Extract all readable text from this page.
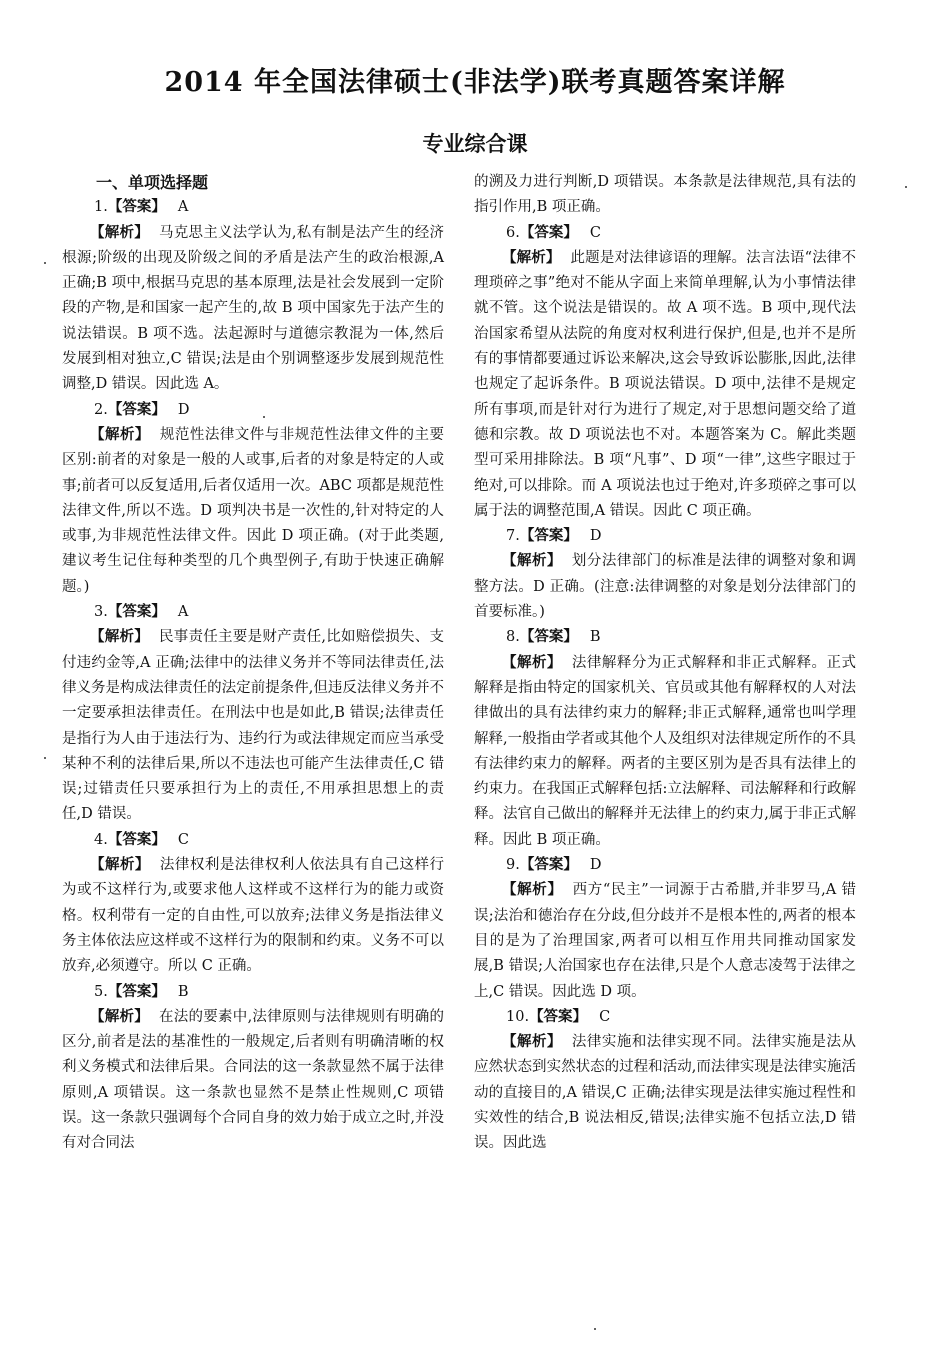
2014 年全国法律硕士(非法学)联考真题答案详解
专业综合课
一、单项选择题
1.【答案】 A
【解析】 马克思主义法学认为,私有制是法产生的经济根源;阶级的出现及阶级之间的矛盾是法产生的政治根源,A 正确;B 项中,根据马克思的基本原理,法是社会发展到一定阶段的产物,是和国家一起产生的,故 B 项中国家先于法产生的说法错误。B 项不选。法起源时与道德宗教混为一体,然后发展到相对独立,C 错误;法是由个别调整逐步发展到规范性调整,D 错误。因此选 A。
2.【答案】 D
【解析】 规范性法律文件与非规范性法律文件的主要区别:前者的对象是一般的人或事,后者的对象是特定的人或事;前者可以反复适用,后者仅适用一次。ABC 项都是规范性法律文件,所以不选。D 项判决书是一次性的,针对特定的人或事,为非规范性法律文件。因此 D 项正确。(对于此类题,建议考生记住每种类型的几个典型例子,有助于快速正确解题。)
3.【答案】 A
【解析】 民事责任主要是财产责任,比如赔偿损失、支付违约金等,A 正确;法律中的法律义务并不等同法律责任,法律义务是构成法律责任的法定前提条件,但违反法律义务并不一定要承担法律责任。在刑法中也是如此,B 错误;法律责任是指行为人由于违法行为、违约行为或法律规定而应当承受某种不利的法律后果,所以不违法也可能产生法律责任,C 错误;过错责任只要承担行为上的责任,不用承担思想上的责任,D 错误。
4.【答案】 C
【解析】 法律权利是法律权利人依法具有自己这样行为或不这样行为,或要求他人这样或不这样行为的能力或资格。权利带有一定的自由性,可以放弃;法律义务是指法律义务主体依法应这样或不这样行为的限制和约束。义务不可以放弃,必须遵守。所以 C 正确。
5.【答案】 B
【解析】 在法的要素中,法律原则与法律规则有明确的区分,前者是法的基准性的一般规定,后者则有明确清晰的权利义务模式和法律后果。合同法的这一条款显然不属于法律原则,A 项错误。这一条款也显然不是禁止性规则,C 项错误。这一条款只强调每个合同自身的效力始于成立之时,并没有对合同法
的溯及力进行判断,D 项错误。本条款是法律规范,具有法的指引作用,B 项正确。
6.【答案】 C
【解析】 此题是对法律谚语的理解。法言法语“法律不理琐碎之事”绝对不能从字面上来简单理解,认为小事情法律就不管。这个说法是错误的。故 A 项不选。B 项中,现代法治国家希望从法院的角度对权利进行保护,但是,也并不是所有的事情都要通过诉讼来解决,这会导致诉讼膨胀,因此,法律也规定了起诉条件。B 项说法错误。D 项中,法律不是规定所有事项,而是针对行为进行了规定,对于思想问题交给了道德和宗教。故 D 项说法也不对。本题答案为 C。解此类题型可采用排除法。B 项“凡事”、D 项“一律”,这些字眼过于绝对,可以排除。而 A 项说法也过于绝对,许多琐碎之事可以属于法的调整范围,A 错误。因此 C 项正确。
7.【答案】 D
【解析】 划分法律部门的标准是法律的调整对象和调整方法。D 正确。(注意:法律调整的对象是划分法律部门的首要标准。)
8.【答案】 B
【解析】 法律解释分为正式解释和非正式解释。正式解释是指由特定的国家机关、官员或其他有解释权的人对法律做出的具有法律约束力的解释;非正式解释,通常也叫学理解释,一般指由学者或其他个人及组织对法律规定所作的不具有法律约束力的解释。两者的主要区别为是否具有法律上的约束力。在我国正式解释包括:立法解释、司法解释和行政解释。法官自己做出的解释并无法律上的约束力,属于非正式解释。因此 B 项正确。
9.【答案】 D
【解析】 西方“民主”一词源于古希腊,并非罗马,A 错误;法治和德治存在分歧,但分歧并不是根本性的,两者的根本目的是为了治理国家,两者可以相互作用共同推动国家发展,B 错误;人治国家也存在法律,只是个人意志凌驾于法律之上,C 错误。因此选 D 项。
10.【答案】 C
【解析】 法律实施和法律实现不同。法律实施是法从应然状态到实然状态的过程和活动,而法律实现是法律实施活动的直接目的,A 错误,C 正确;法律实现是法律实施过程性和实效性的结合,B 说法相反,错误;法律实施不包括立法,D 错误。因此选
